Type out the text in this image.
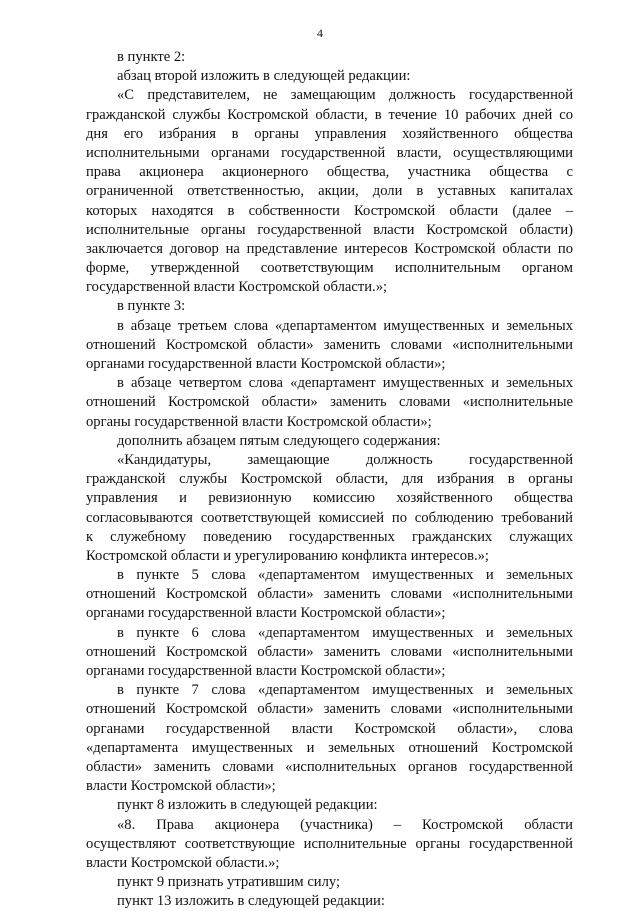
4
в пункте 2:
абзац второй изложить в следующей редакции:
«С представителем, не замещающим должность государственной
гражданской службы Костромской области, в течение 10 рабочих дней со
дня его избрания в органы управления хозяйственного общества
исполнительными органами государственной власти, осуществляющими
права акционера акционерного общества, участника общества с
ограниченной ответственностью, акции, доли в уставных капиталах
которых находятся в собственности Костромской области (далее –
исполнительные органы государственной власти Костромской области)
заключается договор на представление интересов Костромской области по
форме, утвержденной соответствующим исполнительным органом
государственной власти Костромской области.»;
в пункте 3:
в абзаце третьем слова «департаментом имущественных и земельных
отношений Костромской области» заменить словами «исполнительными
органами государственной власти Костромской области»;
в абзаце четвертом слова «департамент имущественных и земельных
отношений Костромской области» заменить словами «исполнительные
органы государственной власти Костромской области»;
дополнить абзацем пятым следующего содержания:
«Кандидатуры, замещающие должность государственной
гражданской службы Костромской области, для избрания в органы
управления и ревизионную комиссию хозяйственного общества
согласовываются соответствующей комиссией по соблюдению требований
к служебному поведению государственных гражданских служащих
Костромской области и урегулированию конфликта интересов.»;
в пункте 5 слова «департаментом имущественных и земельных
отношений Костромской области» заменить словами «исполнительными
органами государственной власти Костромской области»;
в пункте 6 слова «департаментом имущественных и земельных
отношений Костромской области» заменить словами «исполнительными
органами государственной власти Костромской области»;
в пункте 7 слова «департаментом имущественных и земельных
отношений Костромской области» заменить словами «исполнительными
органами государственной власти Костромской области», слова
«департамента имущественных и земельных отношений Костромской
области» заменить словами «исполнительных органов государственной
власти Костромской области»;
пункт 8 изложить в следующей редакции:
«8. Права акционера (участника) – Костромской области
осуществляют соответствующие исполнительные органы государственной
власти Костромской области.»;
пункт 9 признать утратившим силу;
пункт 13 изложить в следующей редакции:
